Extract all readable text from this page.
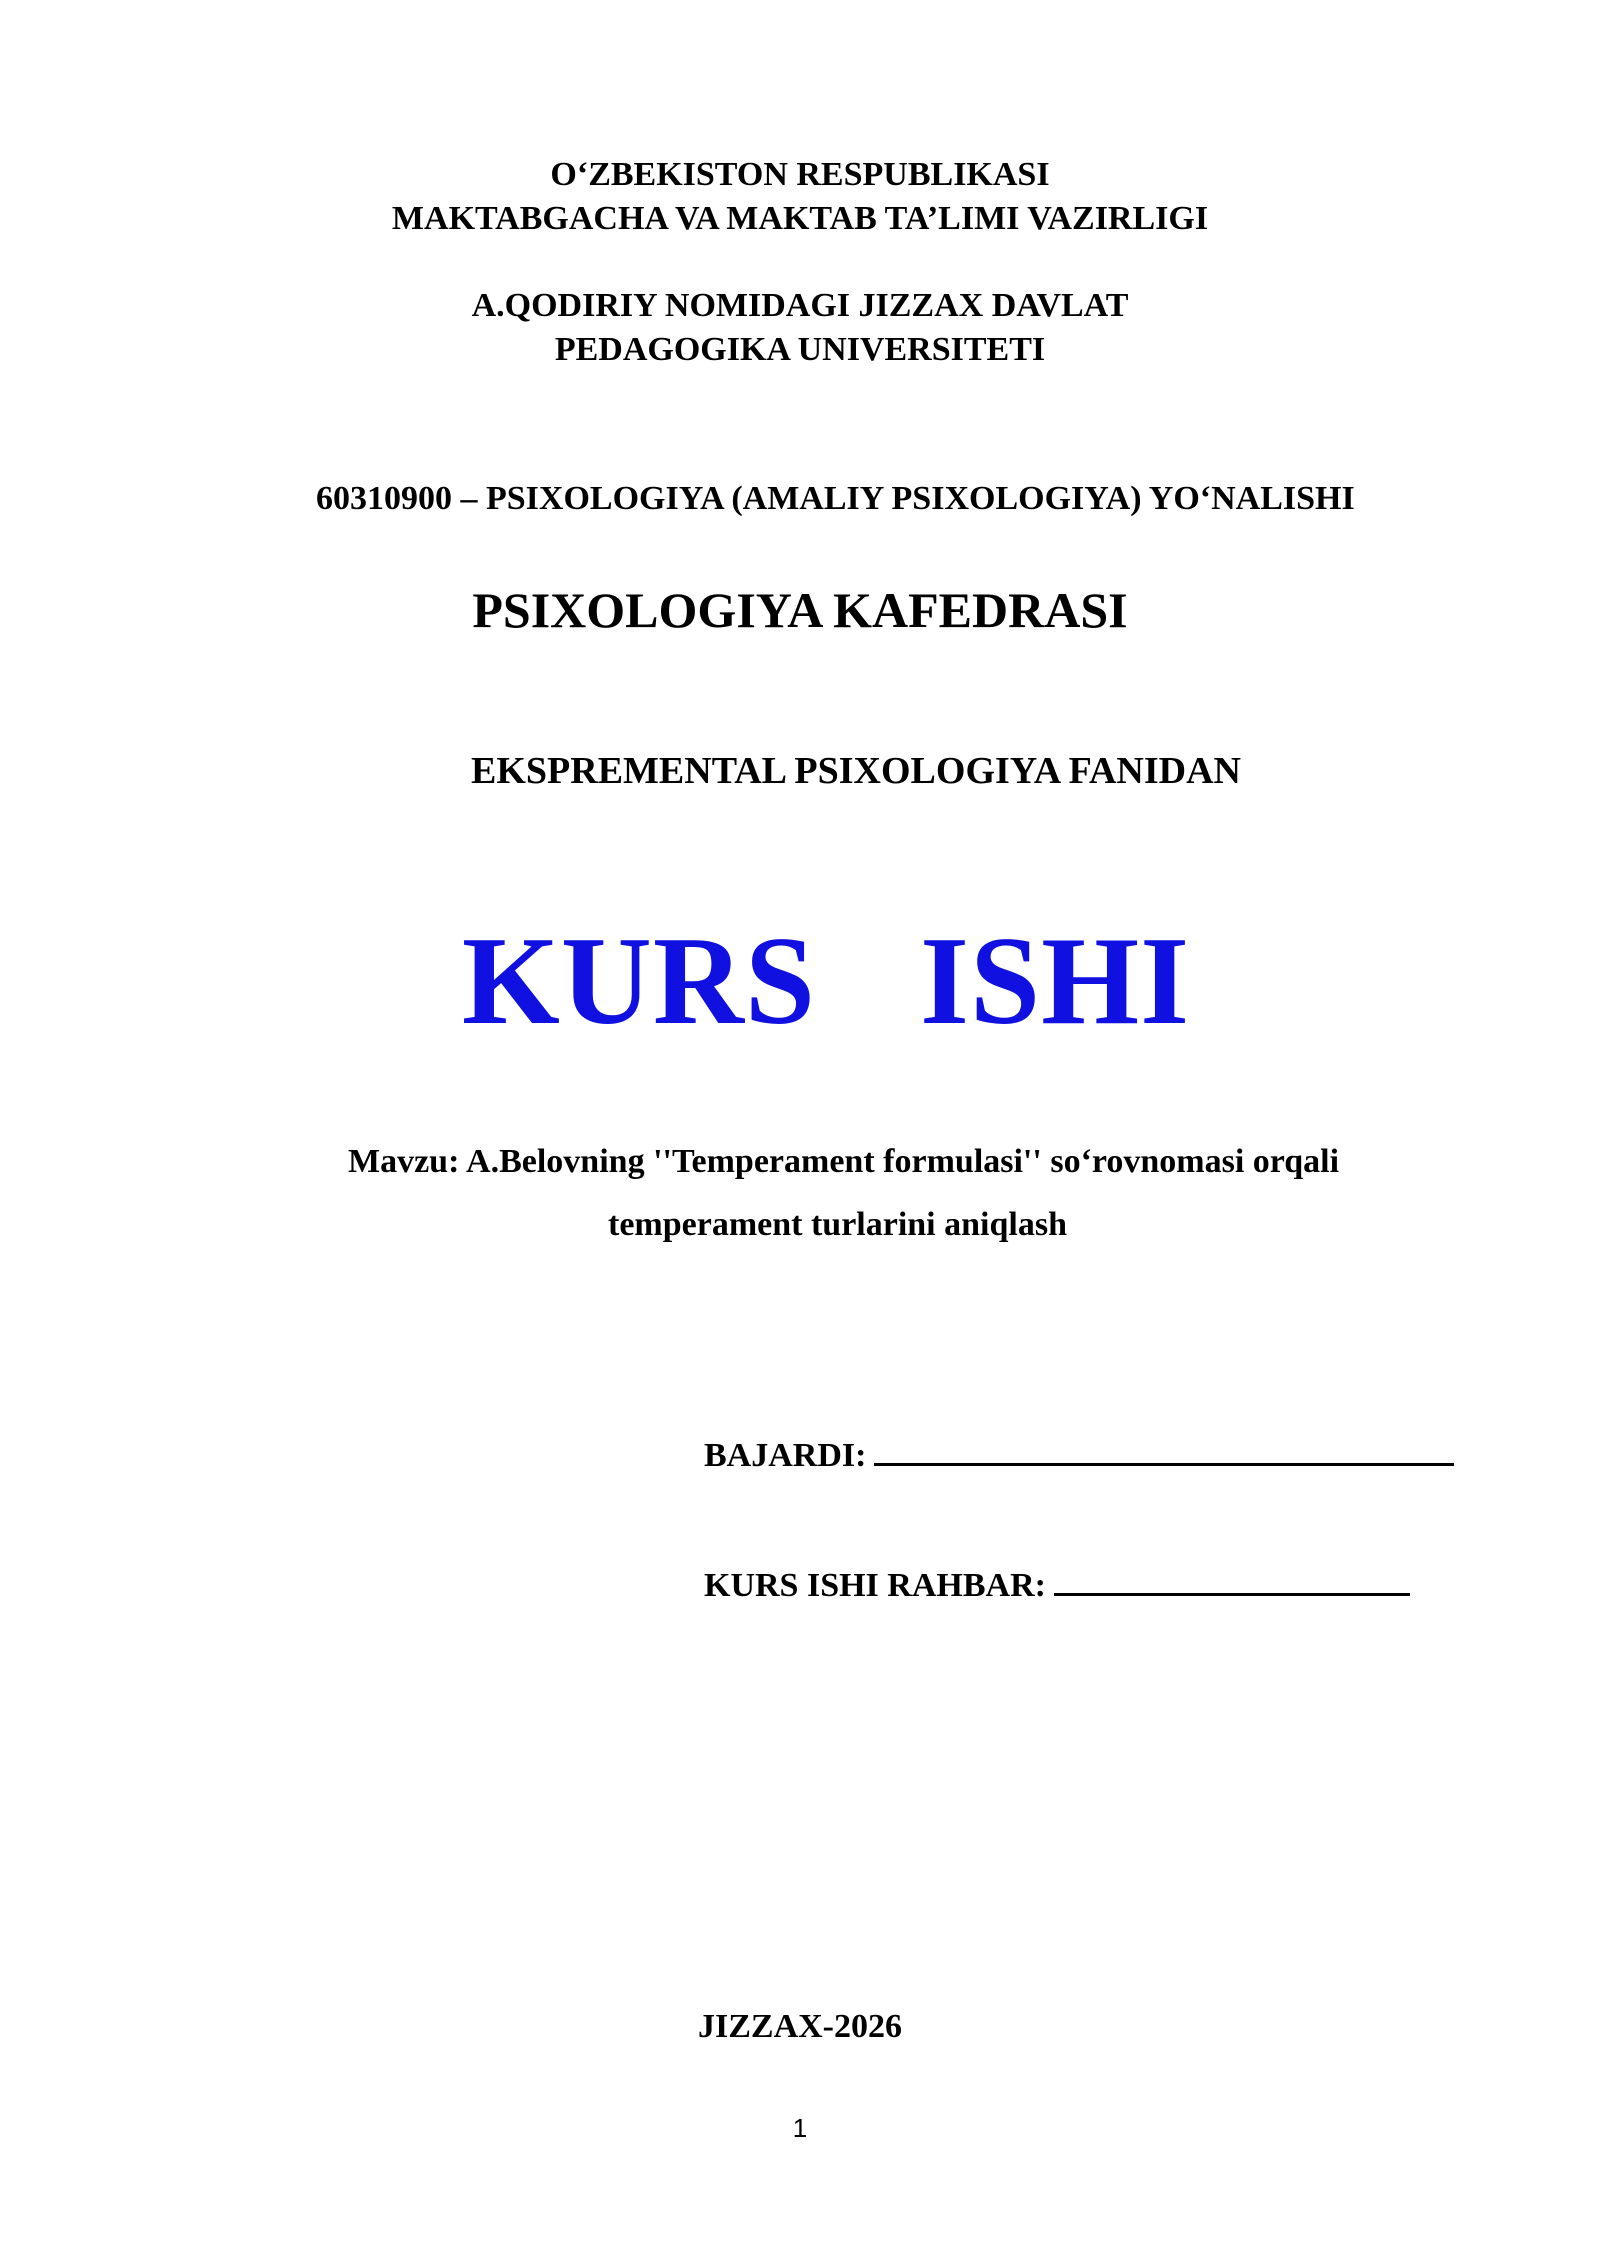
O‘ZBEKISTON RESPUBLIKASI
MAKTABGACHA VA MAKTAB TA’LIMI VAZIRLIGI
A.QODIRIY NOMIDAGI JIZZAX DAVLAT
PEDAGOGIKA UNIVERSITETI
60310900 – PSIXOLOGIYA (AMALIY PSIXOLOGIYA) YO‘NALISHI
PSIXOLOGIYA KAFEDRASI
EKSPREMENTAL PSIXOLOGIYA FANIDAN
KURS ISHI
Mavzu: A.Belovning ''Temperament formulasi'' so‘rovnomasi orqali
temperament turlarini aniqlash
BAJARDI:
KURS ISHI RAHBAR:
JIZZAX-2026
1
